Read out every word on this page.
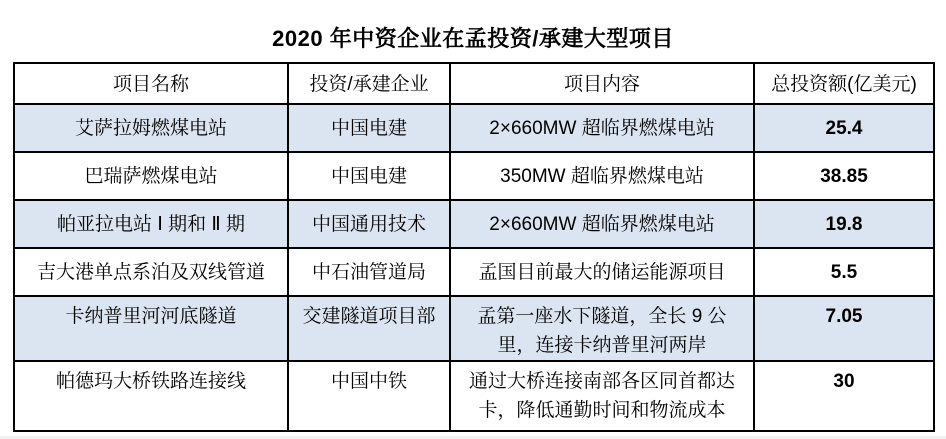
2020 年中资企业在孟投资/承建大型项目
项目名称	投资/承建企业	项目内容	总投资额(亿美元)
艾萨拉姆燃煤电站	中国电建	2×660MW 超临界燃煤电站	25.4
巴瑞萨燃煤电站	中国电建	350MW 超临界燃煤电站	38.85
帕亚拉电站 Ⅰ 期和 Ⅱ 期	中国通用技术	2×660MW 超临界燃煤电站	19.8
吉大港单点系泊及双线管道	中石油管道局	孟国目前最大的储运能源项目	5.5
卡纳普里河河底隧道	交建隧道项目部	孟第一座水下隧道，全长 9 公里，连接卡纳普里河两岸	7.05
帕德玛大桥铁路连接线	中国中铁	通过大桥连接南部各区同首都达卡，降低通勤时间和物流成本	30
